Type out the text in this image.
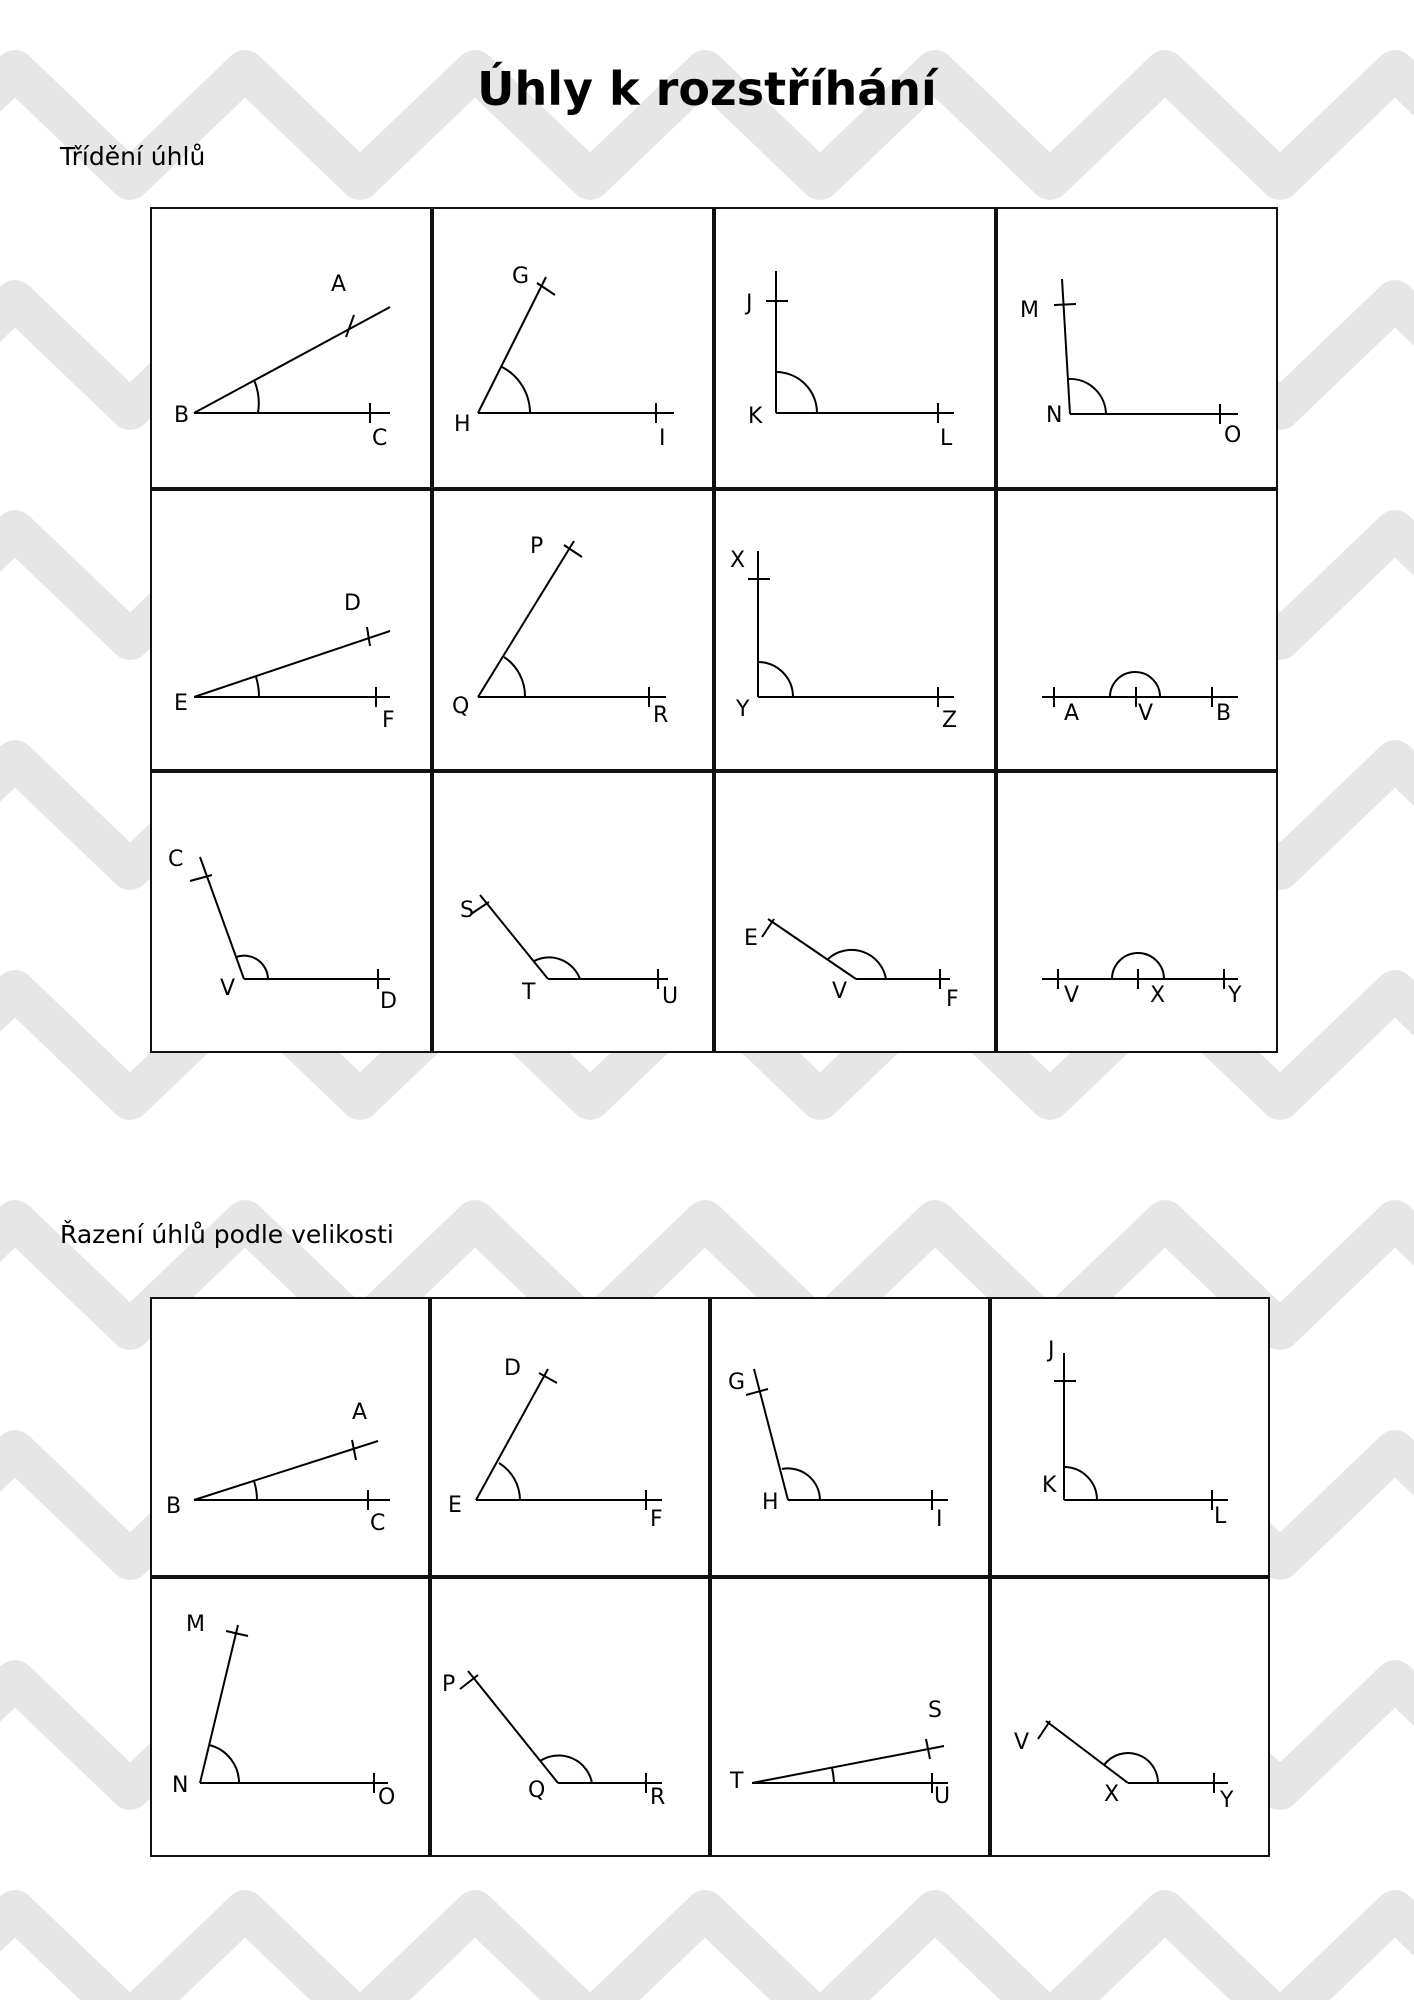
Úhly k rozstříhání
Třídění úhlů
Řazení úhlů podle velikosti
A
B
C
G
H
I
J
K
L
M
N
O
D
E
F
P
Q	R
X
Y	Z	A	V	B
C
V
D
S
T	U
E
V	F	V	X	Y
A
B
C
D
E
F
G
H
I
J
K
L
M
N	O
P
Q	R
S
T
U
V
X	Y
